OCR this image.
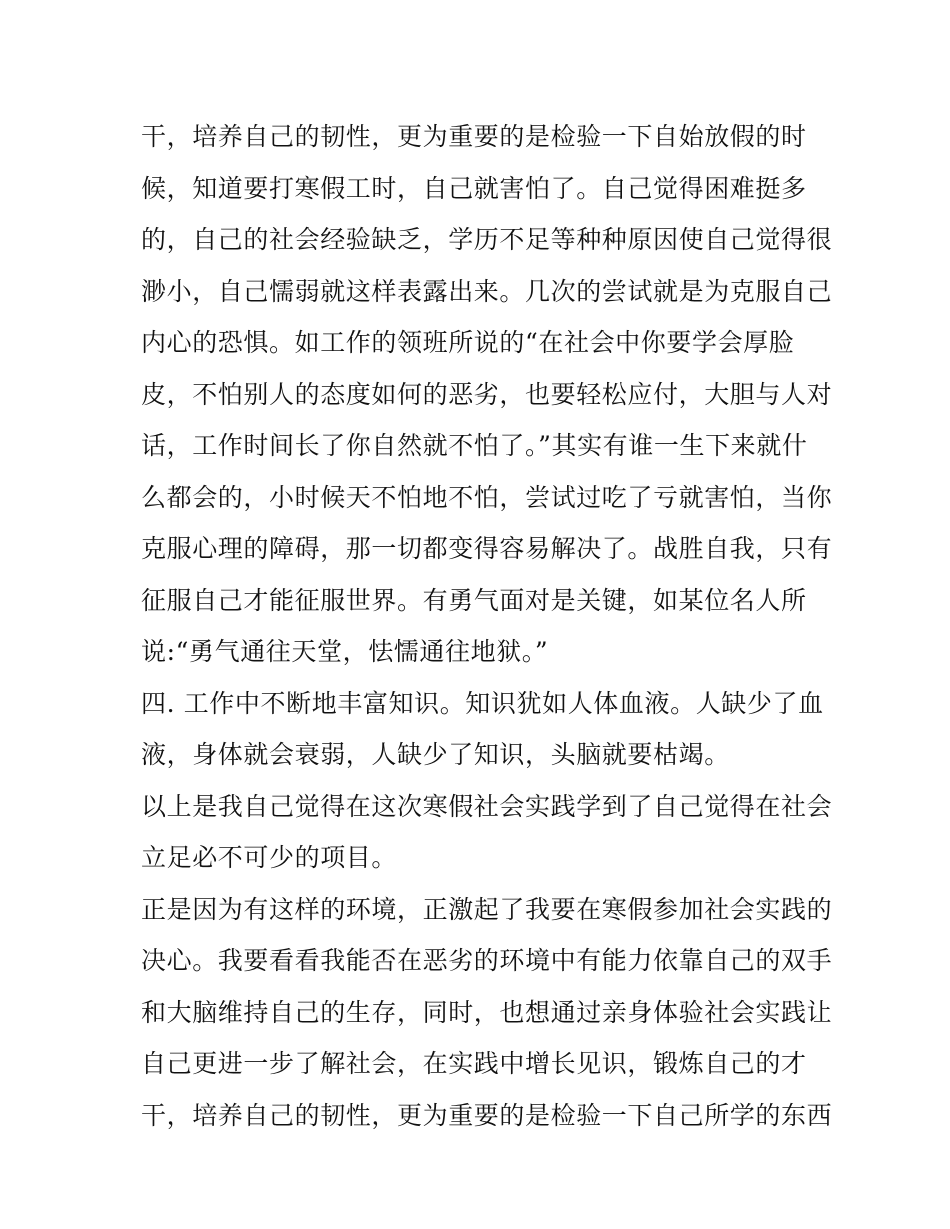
干，培养自己的韧性，更为重要的是检验一下自始放假的时
候，知道要打寒假工时，自己就害怕了。自己觉得困难挺多
的，自己的社会经验缺乏，学历不足等种种原因使自己觉得很
渺小，自己懦弱就这样表露出来。几次的尝试就是为克服自己
内心的恐惧。如工作的领班所说的“在社会中你要学会厚脸
皮，不怕别人的态度如何的恶劣，也要轻松应付，大胆与人对
话，工作时间长了你自然就不怕了。”其实有谁一生下来就什
么都会的，小时候天不怕地不怕，尝试过吃了亏就害怕，当你
克服心理的障碍，那一切都变得容易解决了。战胜自我，只有
征服自己才能征服世界。有勇气面对是关键，如某位名人所
说:“勇气通往天堂，怯懦通往地狱。”
四. 工作中不断地丰富知识。知识犹如人体血液。人缺少了血
液，身体就会衰弱，人缺少了知识，头脑就要枯竭。
以上是我自己觉得在这次寒假社会实践学到了自己觉得在社会
立足必不可少的项目。
正是因为有这样的环境，正激起了我要在寒假参加社会实践的
决心。我要看看我能否在恶劣的环境中有能力依靠自己的双手
和大脑维持自己的生存，同时，也想通过亲身体验社会实践让
自己更进一步了解社会，在实践中增长见识，锻炼自己的才
干，培养自己的韧性，更为重要的是检验一下自己所学的东西
